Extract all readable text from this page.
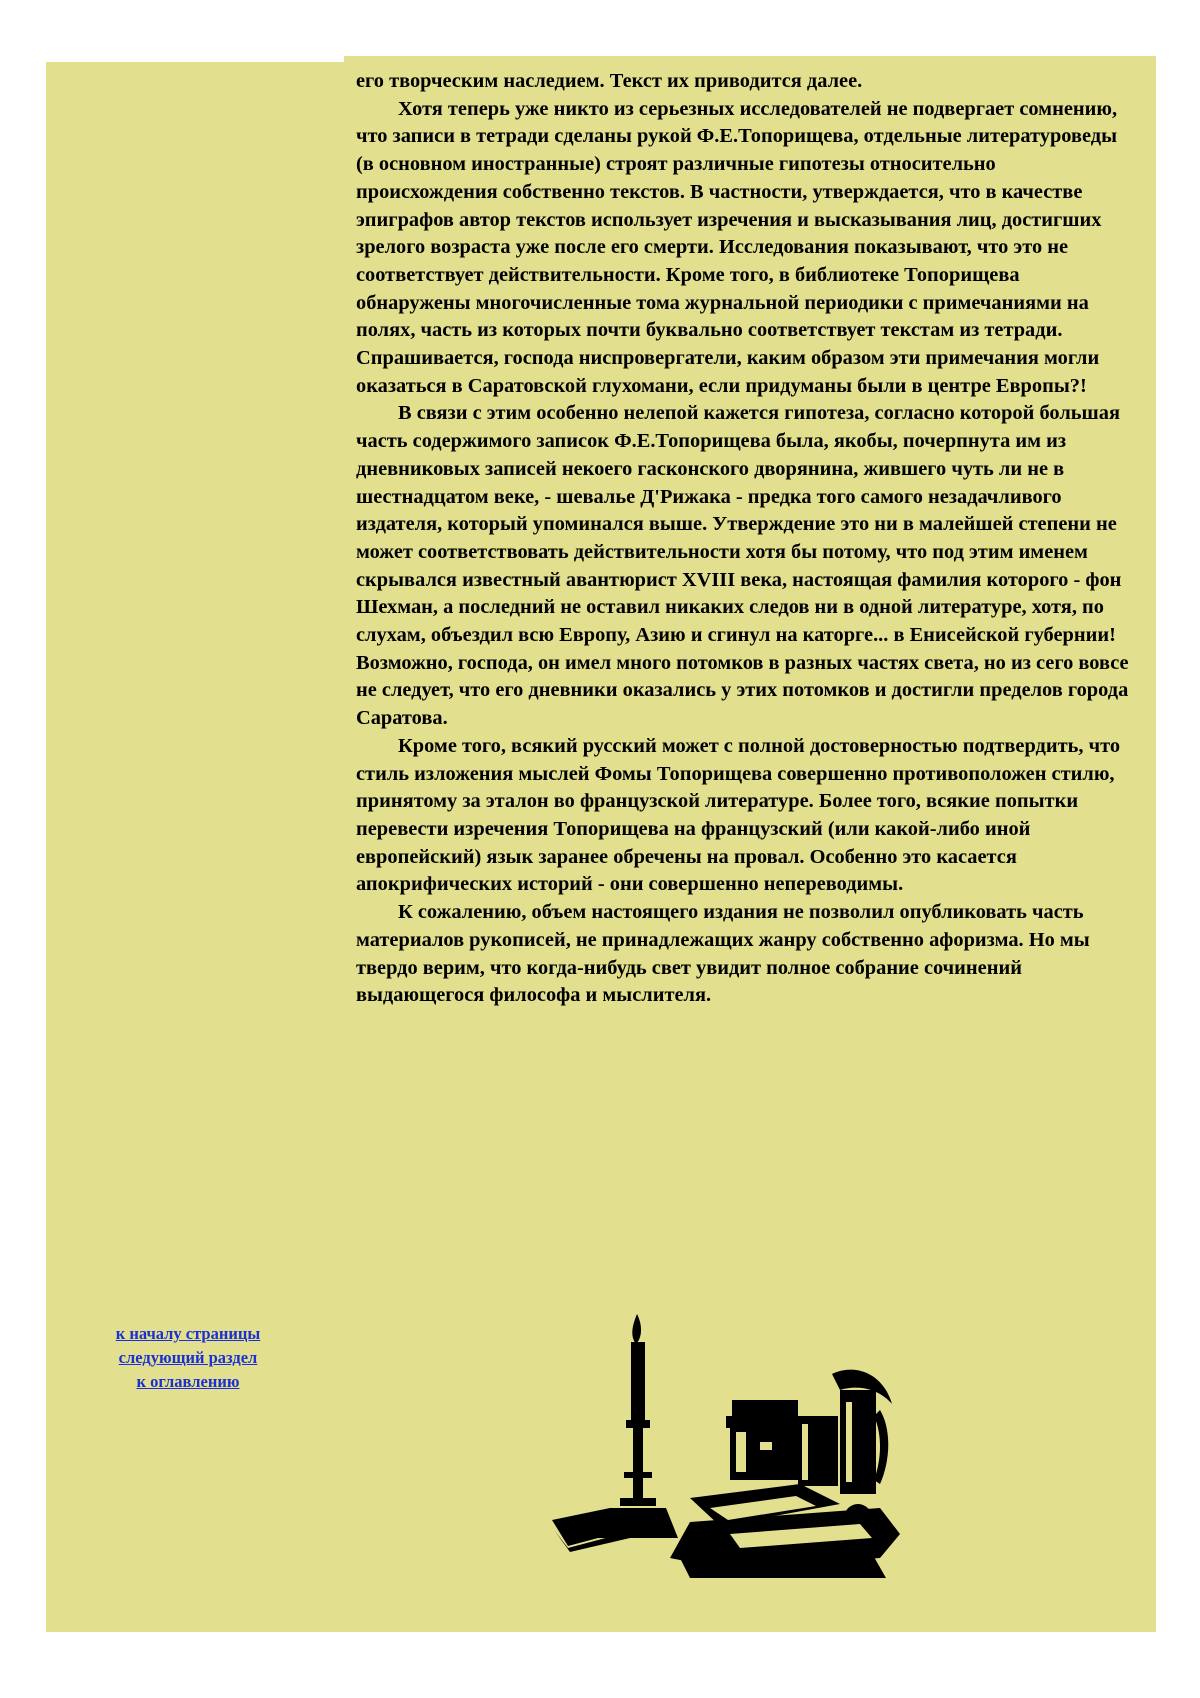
его творческим наследием. Текст их приводится далее.

Хотя теперь уже никто из серьезных исследователей не подвергает сомнению, что записи в тетради сделаны рукой Ф.Е.Топорищева, отдельные литературоведы (в основном иностранные) строят различные гипотезы относительно происхождения собственно текстов. В частности, утверждается, что в качестве эпиграфов автор текстов использует изречения и высказывания лиц, достигших зрелого возраста уже после его смерти. Исследования показывают, что это не соответствует действительности. Кроме того, в библиотеке Топорищева обнаружены многочисленные тома журнальной периодики с примечаниями на полях, часть из которых почти буквально соответствует текстам из тетради. Спрашивается, господа ниспровергатели, каким образом эти примечания могли оказаться в Саратовской глухомани, если придуманы были в центре Европы?!

В связи с этим особенно нелепой кажется гипотеза, согласно которой большая часть содержимого записок Ф.Е.Топорищева была, якобы, почерпнута им из дневниковых записей некоего гасконского дворянина, жившего чуть ли не в шестнадцатом веке, - шевалье Д'Рижака - предка того самого незадачливого издателя, который упоминался выше. Утверждение это ни в малейшей степени не может соответствовать действительности хотя бы потому, что под этим именем скрывался известный авантюрист XVIII века, настоящая фамилия которого - фон Шехман, а последний не оставил никаких следов ни в одной литературе, хотя, по слухам, объездил всю Европу, Азию и сгинул на каторге... в Енисейской губернии! Возможно, господа, он имел много потомков в разных частях света, но из сего вовсе не следует, что его дневники оказались у этих потомков и достигли пределов города Саратова.

Кроме того, всякий русский может с полной достоверностью подтвердить, что стиль изложения мыслей Фомы Топорищева совершенно противоположен стилю, принятому за эталон во французской литературе. Более того, всякие попытки перевести изречения Топорищева на французский (или какой-либо иной европейский) язык заранее обречены на провал. Особенно это касается апокрифических историй - они совершенно непереводимы.

К сожалению, объем настоящего издания не позволил опубликовать часть материалов рукописей, не принадлежащих жанру собственно афоризма. Но мы твердо верим, что когда-нибудь свет увидит полное собрание сочинений выдающегося философа и мыслителя.

к началу страницы
следующий раздел
к оглавлению
